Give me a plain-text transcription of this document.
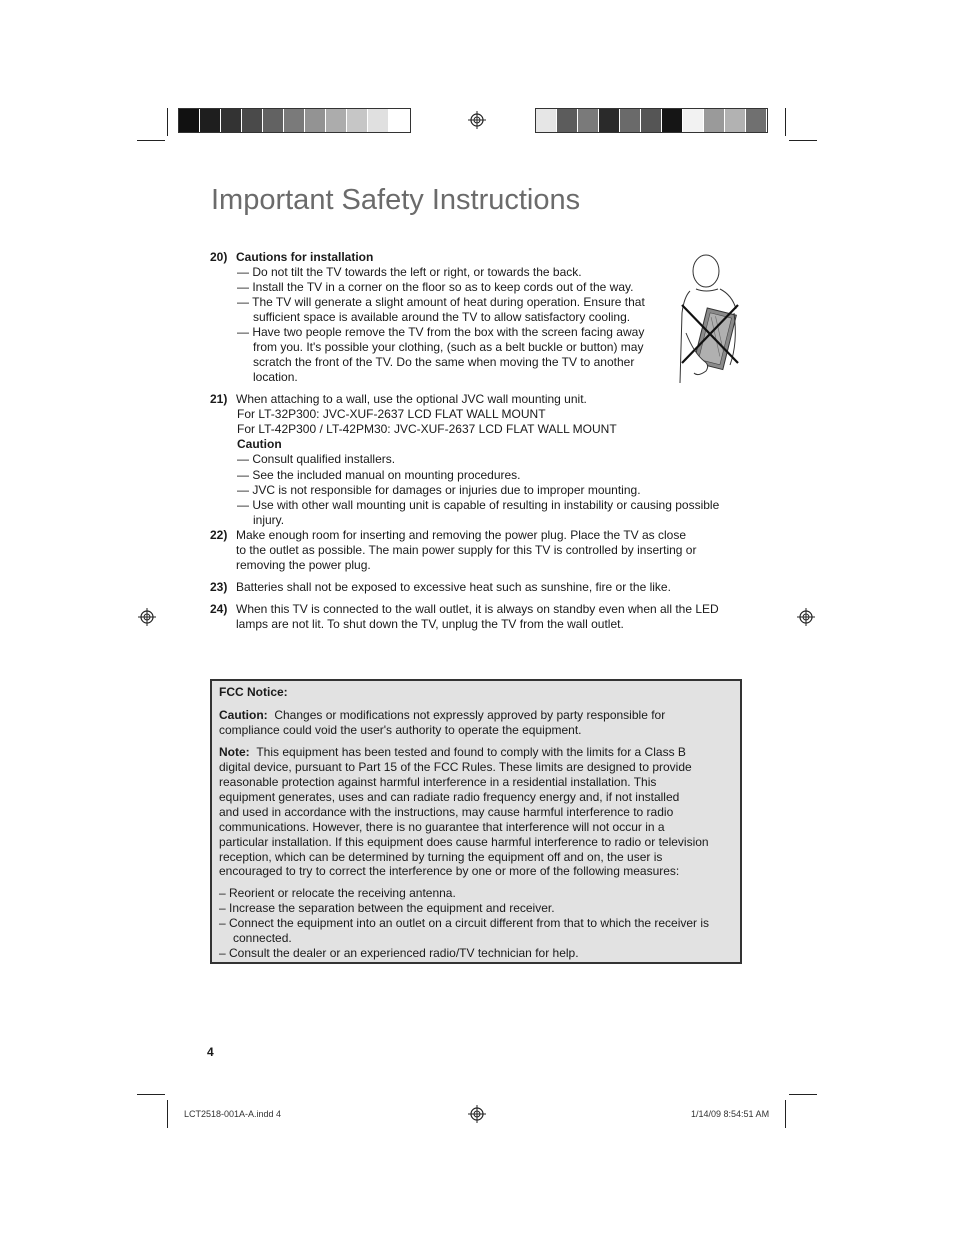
Important Safety Instructions
20) Cautions for installation
— Do not tilt the TV towards the left or right, or towards the back.
— Install the TV in a corner on the floor so as to keep cords out of the way.
— The TV will generate a slight amount of heat during operation. Ensure that
sufficient space is available around the TV to allow satisfactory cooling.
— Have two people remove the TV from the box with the screen facing away
from you. It's possible your clothing, (such as a belt buckle or button) may
scratch the front of the TV. Do the same when moving the TV to another
location.
21) When attaching to a wall, use the optional JVC wall mounting unit.
For LT-32P300: JVC-XUF-2637 LCD FLAT WALL MOUNT
For LT-42P300 / LT-42PM30: JVC-XUF-2637 LCD FLAT WALL MOUNT
Caution
— Consult qualified installers.
— See the included manual on mounting procedures.
— JVC is not responsible for damages or injuries due to improper mounting.
— Use with other wall mounting unit is capable of resulting in instability or causing possible
injury.
22) Make enough room for inserting and removing the power plug. Place the TV as close
to the outlet as possible. The main power supply for this TV is controlled by inserting or
removing the power plug.
23) Batteries shall not be exposed to excessive heat such as sunshine, fire or the like.
24) When this TV is connected to the wall outlet, it is always on standby even when all the LED
lamps are not lit. To shut down the TV, unplug the TV from the wall outlet.
FCC Notice:
Caution: Changes or modifications not expressly approved by party responsible for
compliance could void the user's authority to operate the equipment.
Note: This equipment has been tested and found to comply with the limits for a Class B
digital device, pursuant to Part 15 of the FCC Rules. These limits are designed to provide
reasonable protection against harmful interference in a residential installation. This
equipment generates, uses and can radiate radio frequency energy and, if not installed
and used in accordance with the instructions, may cause harmful interference to radio
communications. However, there is no guarantee that interference will not occur in a
particular installation. If this equipment does cause harmful interference to radio or television
reception, which can be determined by turning the equipment off and on, the user is
encouraged to try to correct the interference by one or more of the following measures:
– Reorient or relocate the receiving antenna.
– Increase the separation between the equipment and receiver.
– Connect the equipment into an outlet on a circuit different from that to which the receiver is
connected.
– Consult the dealer or an experienced radio/TV technician for help.
4
LCT2518-001A-A.indd 4	1/14/09 8:54:51 AM
